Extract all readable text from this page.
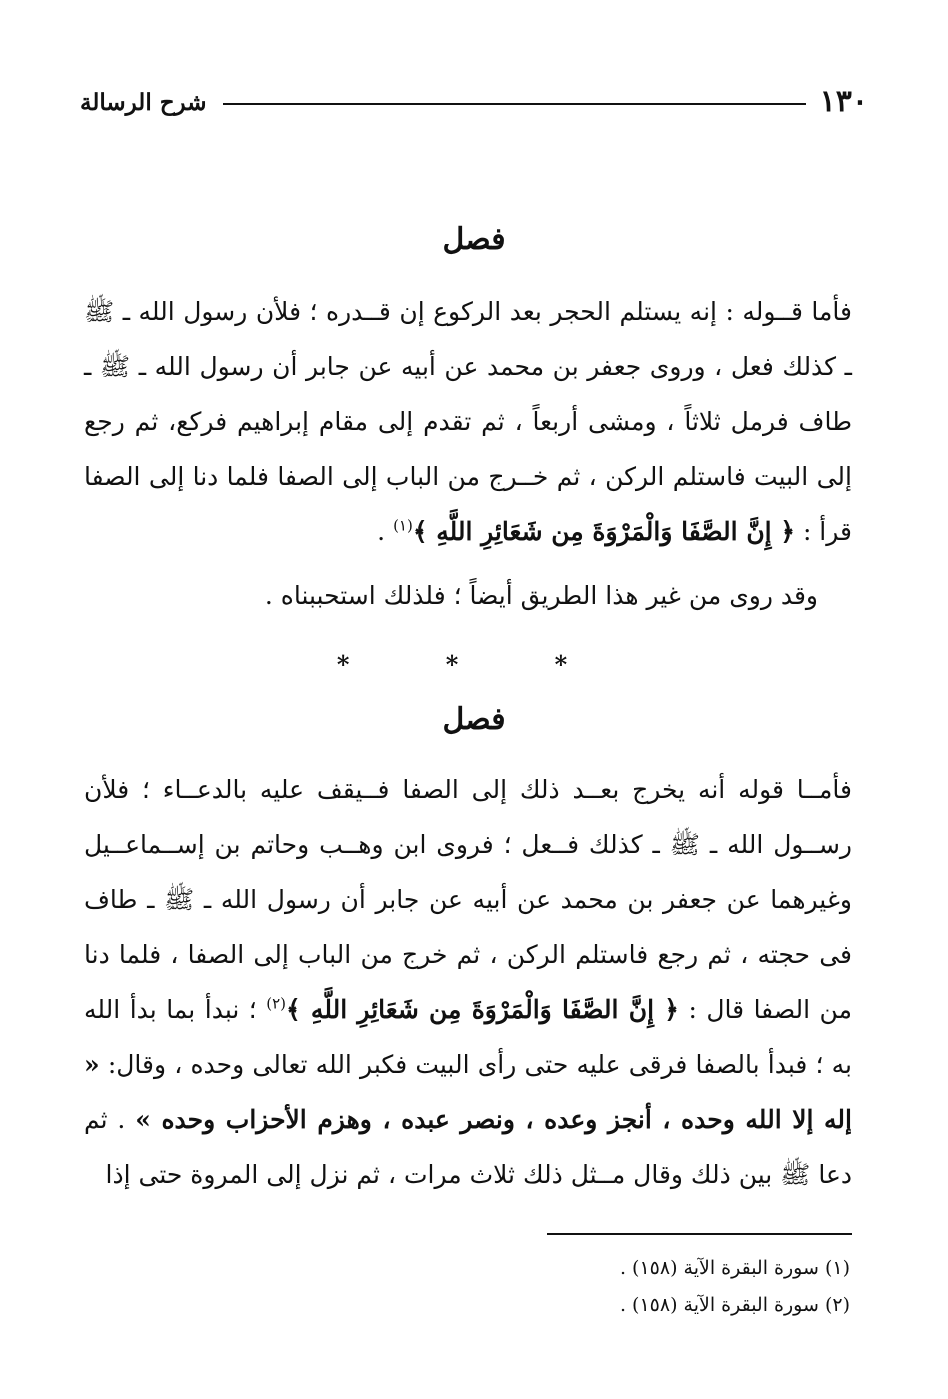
١٣٠
شرح الرسالة
فصل
فأما قــوله : إنه يستلم الحجر بعد الركوع إن قــدره ؛ فلأن رسول الله ـ ﷺ ـ كذلك فعل ، وروى جعفر بن محمد عن أبيه عن جابر أن رسول الله ـ ﷺ ـ طاف فرمل ثلاثاً ، ومشى أربعاً ، ثم تقدم إلى مقام إبراهيم فركع، ثم رجع إلى البيت فاستلم الركن ، ثم خــرج من الباب إلى الصفا فلما دنا إلى الصفا قرأ : ﴿ إِنَّ الصَّفَا وَالْمَرْوَةَ مِن شَعَائِرِ اللَّهِ ﴾$^{(١)}$ .
وقد روى من غير هذا الطريق أيضاً ؛ فلذلك استحببناه .
* * *
فصل
فأمــا قوله أنه يخرج بعــد ذلك إلى الصفا فــيقف عليه بالدعــاء ؛ فلأن رســول الله ـ ﷺ ـ كذلك فــعل ؛ فروى ابن وهــب وحاتم بن إســماعــيل وغيرهما عن جعفر بن محمد عن أبيه عن جابر أن رسول الله ـ ﷺ ـ طاف فى حجته ، ثم رجع فاستلم الركن ، ثم خرج من الباب إلى الصفا ، فلما دنا من الصفا قال : ﴿ إِنَّ الصَّفَا وَالْمَرْوَةَ مِن شَعَائِرِ اللَّهِ ﴾$^{(٢)}$ ؛ نبدأ بما بدأ الله به ؛ فبدأ بالصفا فرقى عليه حتى رأى البيت فكبر الله تعالى وحده ، وقال: « إله إلا الله وحده ، أنجز وعده ، ونصر عبده ، وهزم الأحزاب وحده » . ثم دعا ﷺ بين ذلك وقال مــثل ذلك ثلاث مرات ، ثم نزل إلى المروة حتى إذا
(١) سورة البقرة الآية (١٥٨) .
(٢) سورة البقرة الآية (١٥٨) .
